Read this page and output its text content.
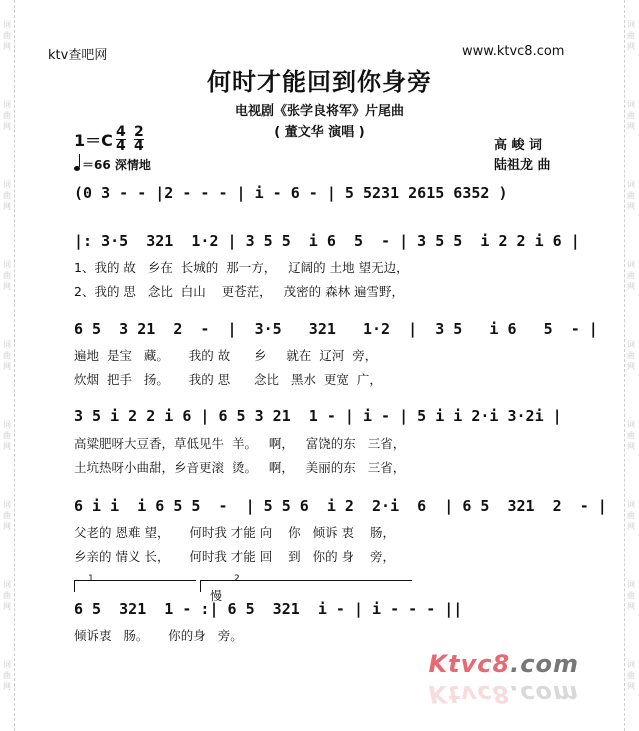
词
曲
网
词
曲
网
词
曲
网
词
曲
网
词
曲
网
词
曲
网
词
曲
网
词
曲
网
词
曲
网
词
曲
网
词
曲
网
词
曲
网
词
曲
网
词
曲
网
词
曲
网
词
曲
网
词
曲
网
词
曲
网
ktv查吧网	www.ktvc8.com
何时才能回到你身旁
电视剧《张学良将军》片尾曲
( 董文华 演唱 )
1＝C 4
4
2
4
＝66 深情地
高 峻 词
陆祖龙 曲
(0 3 - - |2 - - - | i - 6 - | 5 5231 2615 6352 )
|: 3·5  321  1·2 | 3 5 5  i 6  5  - | 3 5 5  i 2 2 i 6 |
1、我的 故   乡在  长城的  那一方，   辽阔的 土地 望无边，
2、我的 思   念比  白山    更苍茫，   茂密的 森林 遍雪野，
6 5  3 21  2  -  |  3·5   321   1·2  |  3 5   i 6   5  - |
遍地  是宝   藏。     我的 故      乡     就在  辽河  旁，
炊烟  把手   扬。     我的 思      念比   黑水  更宽  广，
3 5 i 2 2 i 6 | 6 5 3 21  1 - | i - | 5 i i 2·i 3·2i |
高粱肥呀大豆香，草低见牛  羊。   啊，   富饶的东   三省，
土坑热呀小曲甜，乡音更滚  烫。   啊，   美丽的东   三省，
6 i i  i 6 5 5  -  | 5 5 6  i 2  2·i  6  | 6 5  321  2  - |
父老的 恩难 望，     何时我 才能 向    你   倾诉 衷    肠，
乡亲的 情义 长，     何时我 才能 回    到   你的 身    旁，
1	2
慢
6 5  321  1 - :| 6 5  321  i - | i - - - ||
倾诉衷   肠。     你的身   旁。
Ktvc8.com
Ktvc8.com
